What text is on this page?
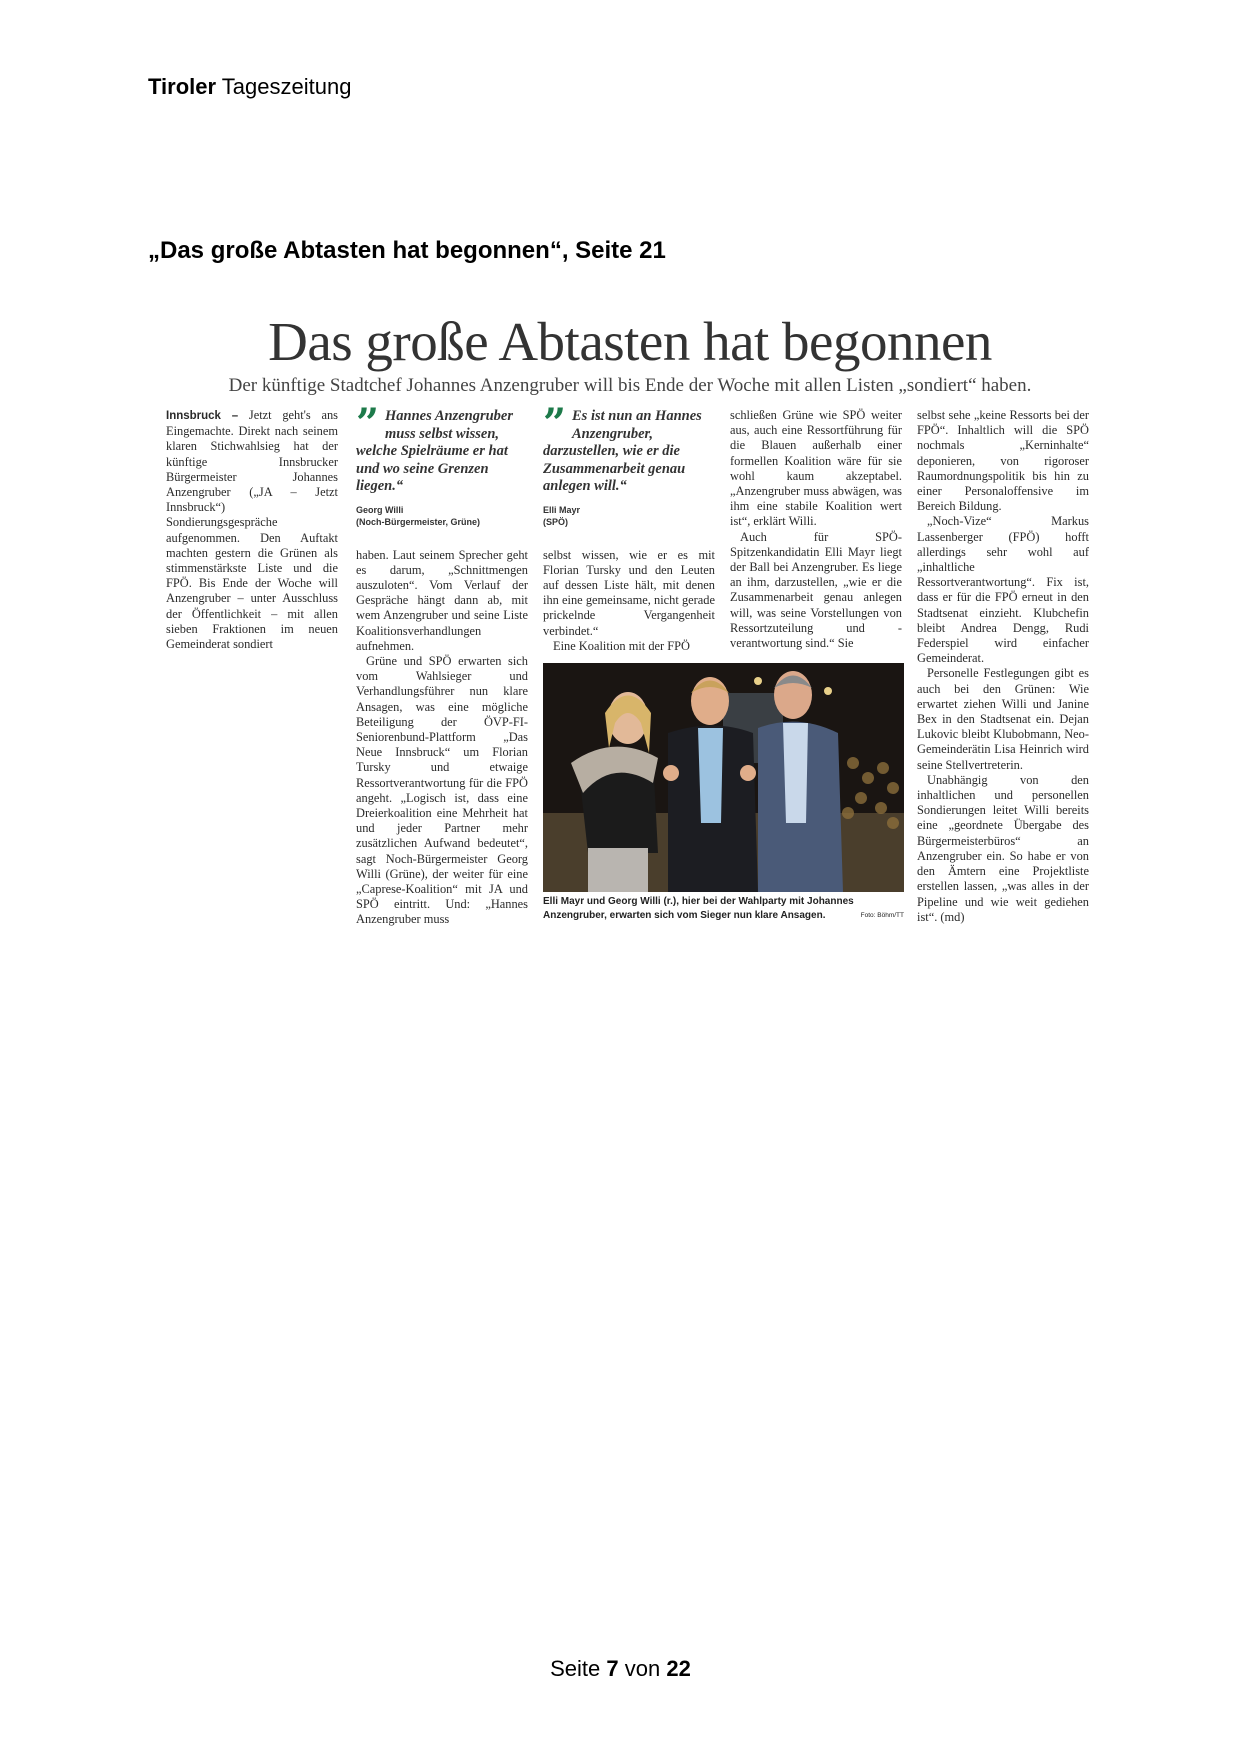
Tiroler Tageszeitung
„Das große Abtasten hat begonnen“, Seite 21
Das große Abtasten hat begonnen
Der künftige Stadtchef Johannes Anzengruber will bis Ende der Woche mit allen Listen „sondiert“ haben.

Innsbruck – Jetzt geht's ans Eingemachte. Direkt nach seinem klaren Stichwahlsieg hat der künftige Innsbrucker Bürgermeister Johannes Anzengruber („JA – Jetzt Innsbruck“) Sondierungsgespräche aufgenommen. Den Auftakt machten gestern die Grünen als stimmenstärkste Liste und die FPÖ. Bis Ende der Woche will Anzengruber – unter Ausschluss der Öffentlichkeit – mit allen sieben Fraktionen im neuen Gemeinderat sondiert

” Hannes Anzengruber muss selbst wissen, welche Spielräume er hat und wo seine Grenzen liegen.“
Georg Willi
(Noch-Bürgermeister, Grüne)

haben. Laut seinem Sprecher geht es darum, „Schnittmengen auszuloten“. Vom Verlauf der Gespräche hängt dann ab, mit wem Anzengruber und seine Liste Koalitionsverhandlungen aufnehmen.

Grüne und SPÖ erwarten sich vom Wahlsieger und Verhandlungsführer nun klare Ansagen, was eine mögliche Beteiligung der ÖVP-FI-Seniorenbund-Plattform „Das Neue Innsbruck“ um Florian Tursky und etwaige Ressortverantwortung für die FPÖ angeht. „Logisch ist, dass eine Dreierkoalition eine Mehrheit hat und jeder Partner mehr zusätzlichen Aufwand bedeutet“, sagt Noch-Bürgermeister Georg Willi (Grüne), der weiter für eine „Caprese-Koalition“ mit JA und SPÖ eintritt. Und: „Hannes Anzengruber muss

” Es ist nun an Hannes Anzengruber, darzustellen, wie er die Zusammenarbeit genau anlegen will.“
Elli Mayr
(SPÖ)

selbst wissen, wie er es mit Florian Tursky und den Leuten auf dessen Liste hält, mit denen ihn eine gemeinsame, nicht gerade prickelnde Vergangenheit verbindet.“

Eine Koalition mit der FPÖ

schließen Grüne wie SPÖ weiter aus, auch eine Ressortführung für die Blauen außerhalb einer formellen Koalition wäre für sie wohl kaum akzeptabel. „Anzengruber muss abwägen, was ihm eine stabile Koalition wert ist“, erklärt Willi.

Auch für SPÖ-Spitzenkandidatin Elli Mayr liegt der Ball bei Anzengruber. Es liege an ihm, darzustellen, „wie er die Zusammenarbeit genau anlegen will, was seine Vorstellungen von Ressortzuteilung und -verantwortung sind.“ Sie

selbst sehe „keine Ressorts bei der FPÖ“. Inhaltlich will die SPÖ nochmals „Kerninhalte“ deponieren, von rigoroser Raumordnungspolitik bis hin zu einer Personaloffensive im Bereich Bildung.

„Noch-Vize“ Markus Lassenberger (FPÖ) hofft allerdings sehr wohl auf „inhaltliche Ressortverantwortung“. Fix ist, dass er für die FPÖ erneut in den Stadtsenat einzieht. Klubchefin bleibt Andrea Dengg, Rudi Federspiel wird einfacher Gemeinderat.

Personelle Festlegungen gibt es auch bei den Grünen: Wie erwartet ziehen Willi und Janine Bex in den Stadtsenat ein. Dejan Lukovic bleibt Klubobmann, Neo-Gemeinderätin Lisa Heinrich wird seine Stellvertreterin.

Unabhängig von den inhaltlichen und personellen Sondierungen leitet Willi bereits eine „geordnete Übergabe des Bürgermeisterbüros“ an Anzengruber ein. So habe er von den Ämtern eine Projektliste erstellen lassen, „was alles in der Pipeline und wie weit gediehen ist“. (md)

Elli Mayr und Georg Willi (r.), hier bei der Wahlparty mit Johannes Anzengruber, erwarten sich vom Sieger nun klare Ansagen.	Foto: Böhm/TT
Seite 7 von 22
